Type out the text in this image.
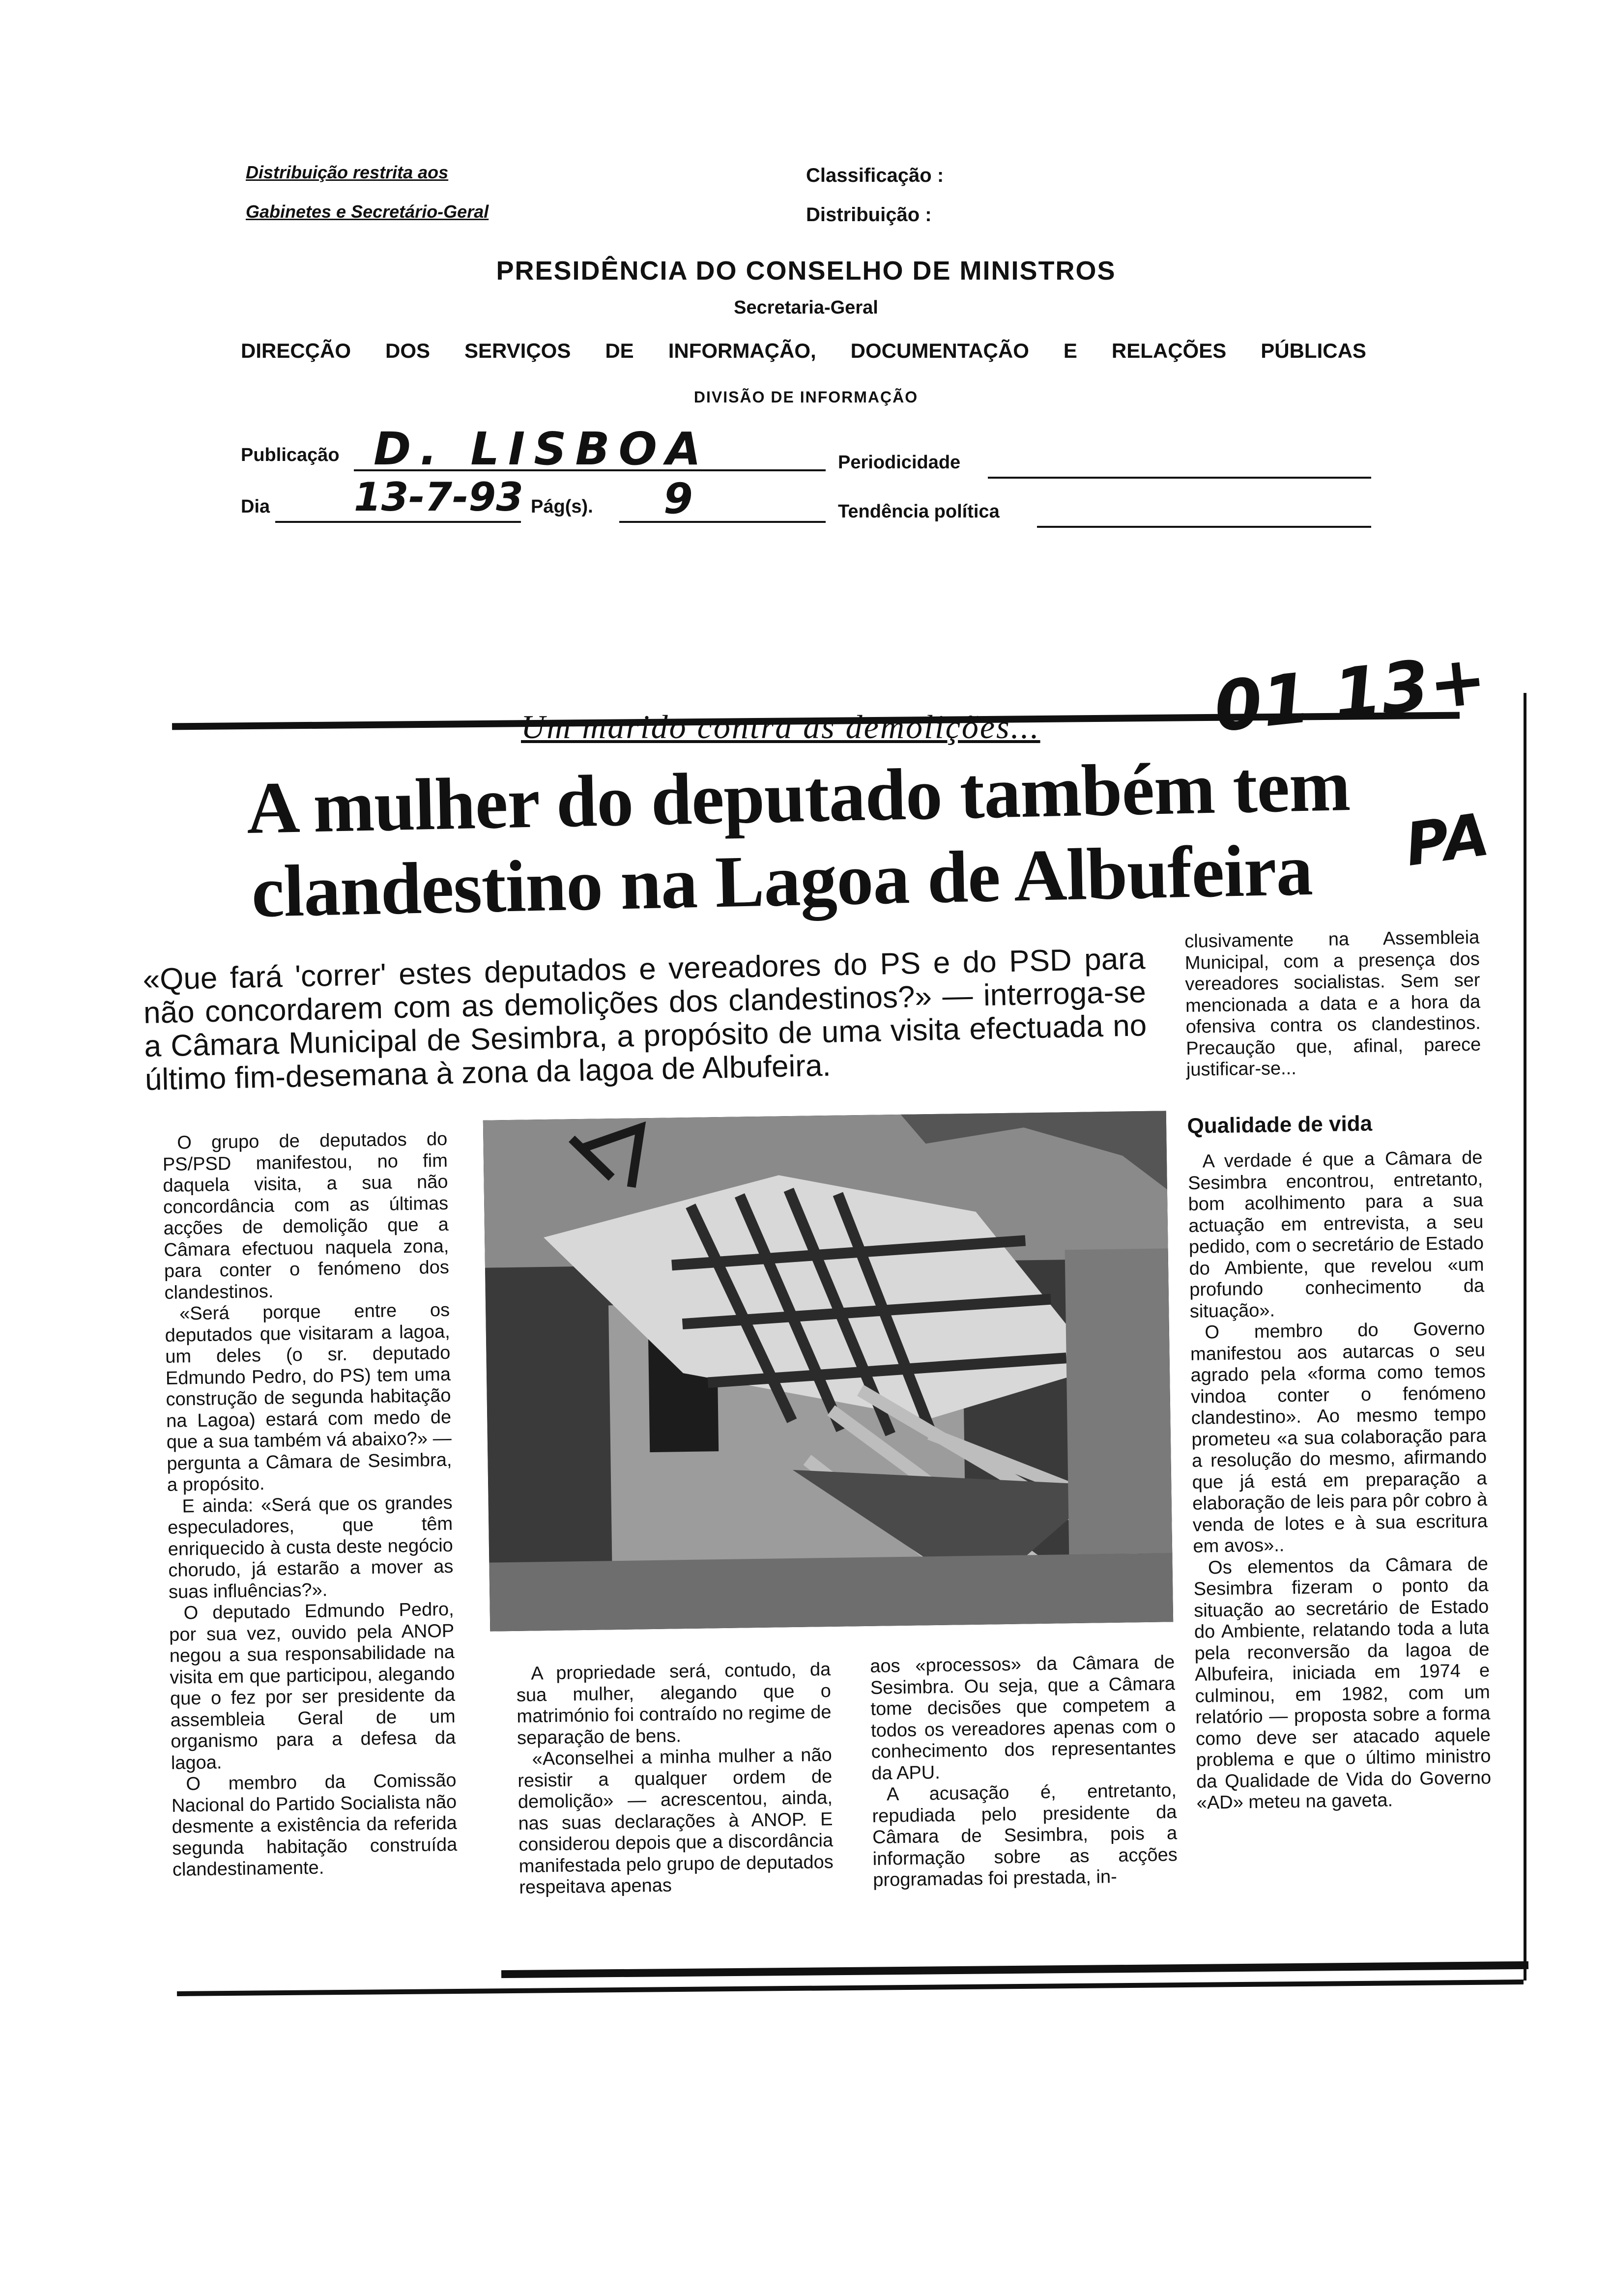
Distribuição restrita aos
Gabinetes e Secretário-Geral
Classificação :
Distribuição :
PRESIDÊNCIA DO CONSELHO DE MINISTROS
Secretaria-Geral
DIRECÇÃO DOS SERVIÇOS DE INFORMAÇÃO, DOCUMENTAÇÃO E RELAÇÕES PÚBLICAS
DIVISÃO DE INFORMAÇÃO
Publicação D. LISBOA	Periodicidade
Dia 13-7-93 Pág(s). 9	Tendência política
01 13+
PA
Um marido contra as demolições...
A mulher do deputado também tem
clandestino na Lagoa de Albufeira
«Que fará 'correr' estes deputados e vereadores do PS e do PSD para não concordarem com as demolições dos clandestinos?» — interroga-se a Câmara Municipal de Sesimbra, a propósito de uma visita efectuada no último fim-desemana à zona da lagoa de Albufeira.

O grupo de deputados do PS/PSD manifestou, no fim daquela visita, a sua não concordância com as últimas acções de demolição que a Câmara efectuou naquela zona, para conter o fenómeno dos clandestinos.

«Será porque entre os deputados que visitaram a lagoa, um deles (o sr. deputado Edmundo Pedro, do PS) tem uma construção de segunda habitação na Lagoa) estará com medo de que a sua também vá abaixo?» — pergunta a Câmara de Sesimbra, a propósito.

E ainda: «Será que os grandes especuladores, que têm enriquecido à custa deste negócio chorudo, já estarão a mover as suas influências?».

O deputado Edmundo Pedro, por sua vez, ouvido pela ANOP negou a sua responsabilidade na visita em que participou, alegando que o fez por ser presidente da assembleia Geral de um organismo para a defesa da lagoa.

O membro da Comissão Nacional do Partido Socialista não desmente a existência da referida segunda habitação construída clandestinamente.

A propriedade será, contudo, da sua mulher, alegando que o matrimónio foi contraído no regime de separação de bens.

«Aconselhei a minha mulher a não resistir a qualquer ordem de demolição» — acrescentou, ainda, nas suas declarações à ANOP. E considerou depois que a discordância manifestada pelo grupo de deputados respeitava apenas

aos «processos» da Câmara de Sesimbra. Ou seja, que a Câmara tome decisões que competem a todos os vereadores apenas com o conhecimento dos representantes da APU.

A acusação é, entretanto, repudiada pelo presidente da Câmara de Sesimbra, pois a informação sobre as acções programadas foi prestada, in-

clusivamente na Assembleia Municipal, com a presença dos vereadores socialistas. Sem ser mencionada a data e a hora da ofensiva contra os clandestinos. Precaução que, afinal, parece justificar-se...

Qualidade de vida

A verdade é que a Câmara de Sesimbra encontrou, entretanto, bom acolhimento para a sua actuação em entrevista, a seu pedido, com o secretário de Estado do Ambiente, que revelou «um profundo conhecimento da situação».

O membro do Governo manifestou aos autarcas o seu agrado pela «forma como temos vindoa conter o fenómeno clandestino». Ao mesmo tempo prometeu «a sua colaboração para a resolução do mesmo, afirmando que já está em preparação a elaboração de leis para pôr cobro à venda de lotes e à sua escritura em avos»..

Os elementos da Câmara de Sesimbra fizeram o ponto da situação ao secretário de Estado do Ambiente, relatando toda a luta pela reconversão da lagoa de Albufeira, iniciada em 1974 e culminou, em 1982, com um relatório — proposta sobre a forma como deve ser atacado aquele problema e que o último ministro da Qualidade de Vida do Governo «AD» meteu na gaveta.
